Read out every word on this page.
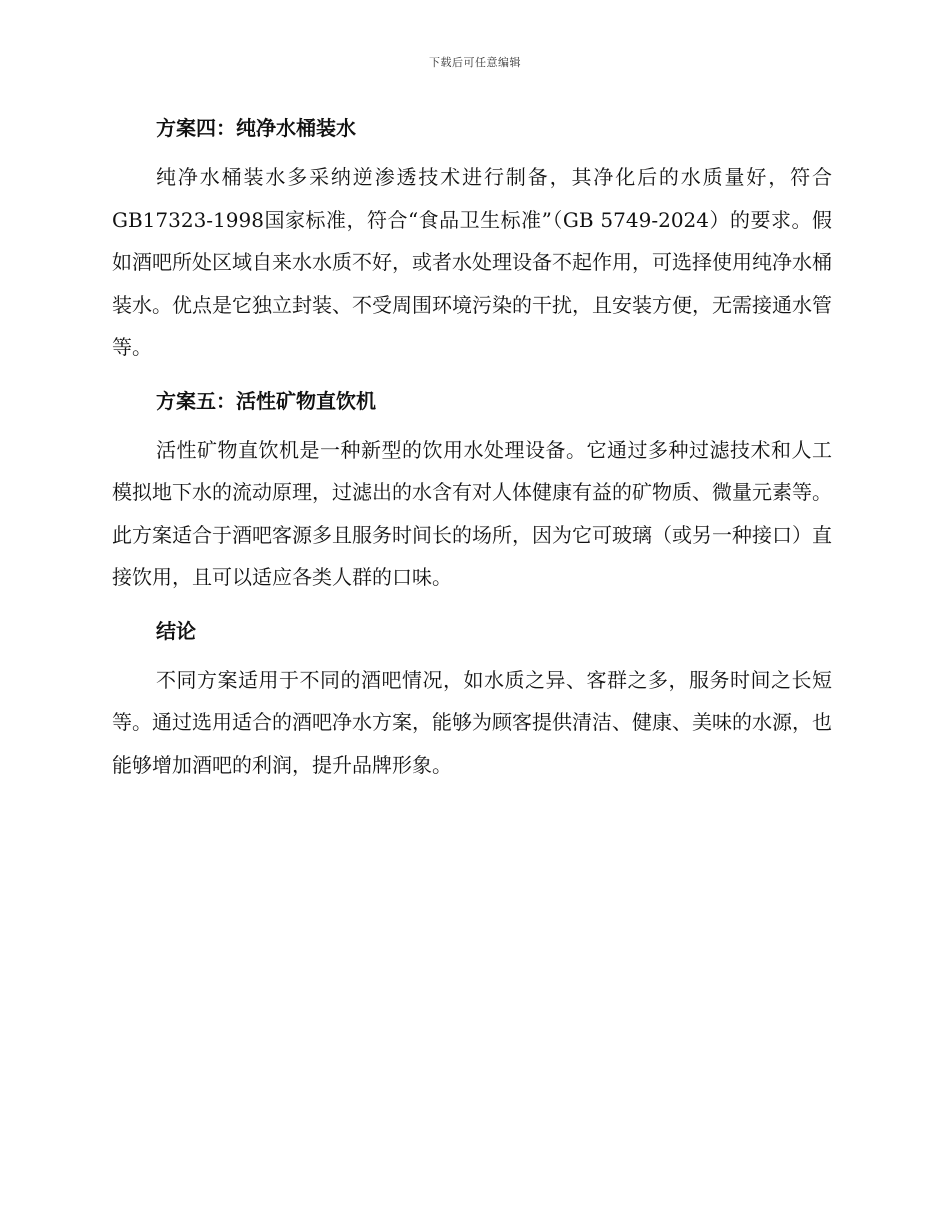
下载后可任意编辑
方案四：纯净水桶装水

纯净水桶装水多采纳逆渗透技术进行制备，其净化后的水质量好，符合GB17323-1998国家标准，符合“食品卫生标准”（GB 5749-2024）的要求。假如酒吧所处区域自来水水质不好，或者水处理设备不起作用，可选择使用纯净水桶装水。优点是它独立封装、不受周围环境污染的干扰，且安装方便，无需接通水管等。

方案五：活性矿物直饮机

活性矿物直饮机是一种新型的饮用水处理设备。它通过多种过滤技术和人工模拟地下水的流动原理，过滤出的水含有对人体健康有益的矿物质、微量元素等。此方案适合于酒吧客源多且服务时间长的场所，因为它可玻璃（或另一种接口）直接饮用，且可以适应各类人群的口味。

结论

不同方案适用于不同的酒吧情况，如水质之异、客群之多，服务时间之长短等。通过选用适合的酒吧净水方案，能够为顾客提供清洁、健康、美味的水源，也能够增加酒吧的利润，提升品牌形象。
